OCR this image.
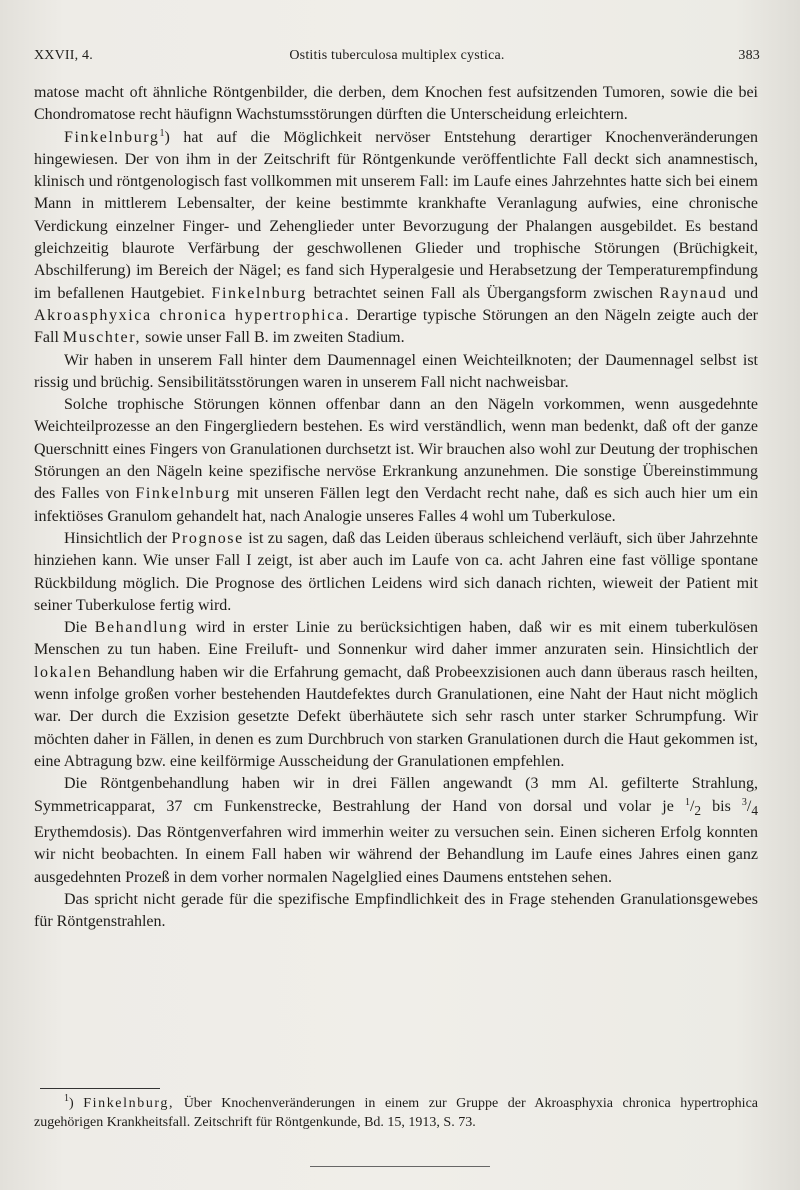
XXVII, 4.	Ostitis tuberculosa multiplex cystica.	383

matose macht oft ähnliche Röntgenbilder, die derben, dem Knochen fest aufsitzenden Tumoren, sowie die bei Chondromatose recht häufignn Wachstumsstörungen dürften die Unterscheidung erleichtern.

Finkelnburg$^1$) hat auf die Möglichkeit nervöser Entstehung derartiger Knochenveränderungen hingewiesen. Der von ihm in der Zeitschrift für Röntgenkunde veröffentlichte Fall deckt sich anamnestisch, klinisch und röntgenologisch fast vollkommen mit unserem Fall: im Laufe eines Jahrzehntes hatte sich bei einem Mann in mittlerem Lebensalter, der keine bestimmte krankhafte Veranlagung aufwies, eine chronische Verdickung einzelner Finger- und Zehenglieder unter Bevorzugung der Phalangen ausgebildet. Es bestand gleichzeitig blaurote Verfärbung der geschwollenen Glieder und trophische Störungen (Brüchigkeit, Abschilferung) im Bereich der Nägel; es fand sich Hyperalgesie und Herabsetzung der Temperaturempfindung im befallenen Hautgebiet. Finkelnburg betrachtet seinen Fall als Übergangsform zwischen Raynaud und Akroasphyxica chronica hypertrophica. Derartige typische Störungen an den Nägeln zeigte auch der Fall Muschter, sowie unser Fall B. im zweiten Stadium.

Wir haben in unserem Fall hinter dem Daumennagel einen Weichteilknoten; der Daumennagel selbst ist rissig und brüchig. Sensibilitätsstörungen waren in unserem Fall nicht nachweisbar.

Solche trophische Störungen können offenbar dann an den Nägeln vorkommen, wenn ausgedehnte Weichteilprozesse an den Fingergliedern bestehen. Es wird verständlich, wenn man bedenkt, daß oft der ganze Querschnitt eines Fingers von Granulationen durchsetzt ist. Wir brauchen also wohl zur Deutung der trophischen Störungen an den Nägeln keine spezifische nervöse Erkrankung anzunehmen. Die sonstige Übereinstimmung des Falles von Finkelnburg mit unseren Fällen legt den Verdacht recht nahe, daß es sich auch hier um ein infektiöses Granulom gehandelt hat, nach Analogie unseres Falles 4 wohl um Tuberkulose.

Hinsichtlich der Prognose ist zu sagen, daß das Leiden überaus schleichend verläuft, sich über Jahrzehnte hinziehen kann. Wie unser Fall I zeigt, ist aber auch im Laufe von ca. acht Jahren eine fast völlige spontane Rückbildung möglich. Die Prognose des örtlichen Leidens wird sich danach richten, wieweit der Patient mit seiner Tuberkulose fertig wird.

Die Behandlung wird in erster Linie zu berücksichtigen haben, daß wir es mit einem tuberkulösen Menschen zu tun haben. Eine Freiluft- und Sonnenkur wird daher immer anzuraten sein. Hinsichtlich der lokalen Behandlung haben wir die Erfahrung gemacht, daß Probeexzisionen auch dann überaus rasch heilten, wenn infolge großen vorher bestehenden Hautdefektes durch Granulationen, eine Naht der Haut nicht möglich war. Der durch die Exzision gesetzte Defekt überhäutete sich sehr rasch unter starker Schrumpfung. Wir möchten daher in Fällen, in denen es zum Durchbruch von starken Granulationen durch die Haut gekommen ist, eine Abtragung bzw. eine keilförmige Ausscheidung der Granulationen empfehlen.

Die Röntgenbehandlung haben wir in drei Fällen angewandt (3 mm Al. gefilterte Strahlung, Symmetricapparat, 37 cm Funkenstrecke, Bestrahlung der Hand von dorsal und volar je $^1/_2$ bis $^3/_4$ Erythemdosis). Das Röntgenverfahren wird immerhin weiter zu versuchen sein. Einen sicheren Erfolg konnten wir nicht beobachten. In einem Fall haben wir während der Behandlung im Laufe eines Jahres einen ganz ausgedehnten Prozeß in dem vorher normalen Nagelglied eines Daumens entstehen sehen.

Das spricht nicht gerade für die spezifische Empfindlichkeit des in Frage stehenden Granulationsgewebes für Röntgenstrahlen.

$^1$) Finkelnburg, Über Knochenveränderungen in einem zur Gruppe der Akroasphyxia chronica hypertrophica zugehörigen Krankheitsfall. Zeitschrift für Röntgenkunde, Bd. 15, 1913, S. 73.
